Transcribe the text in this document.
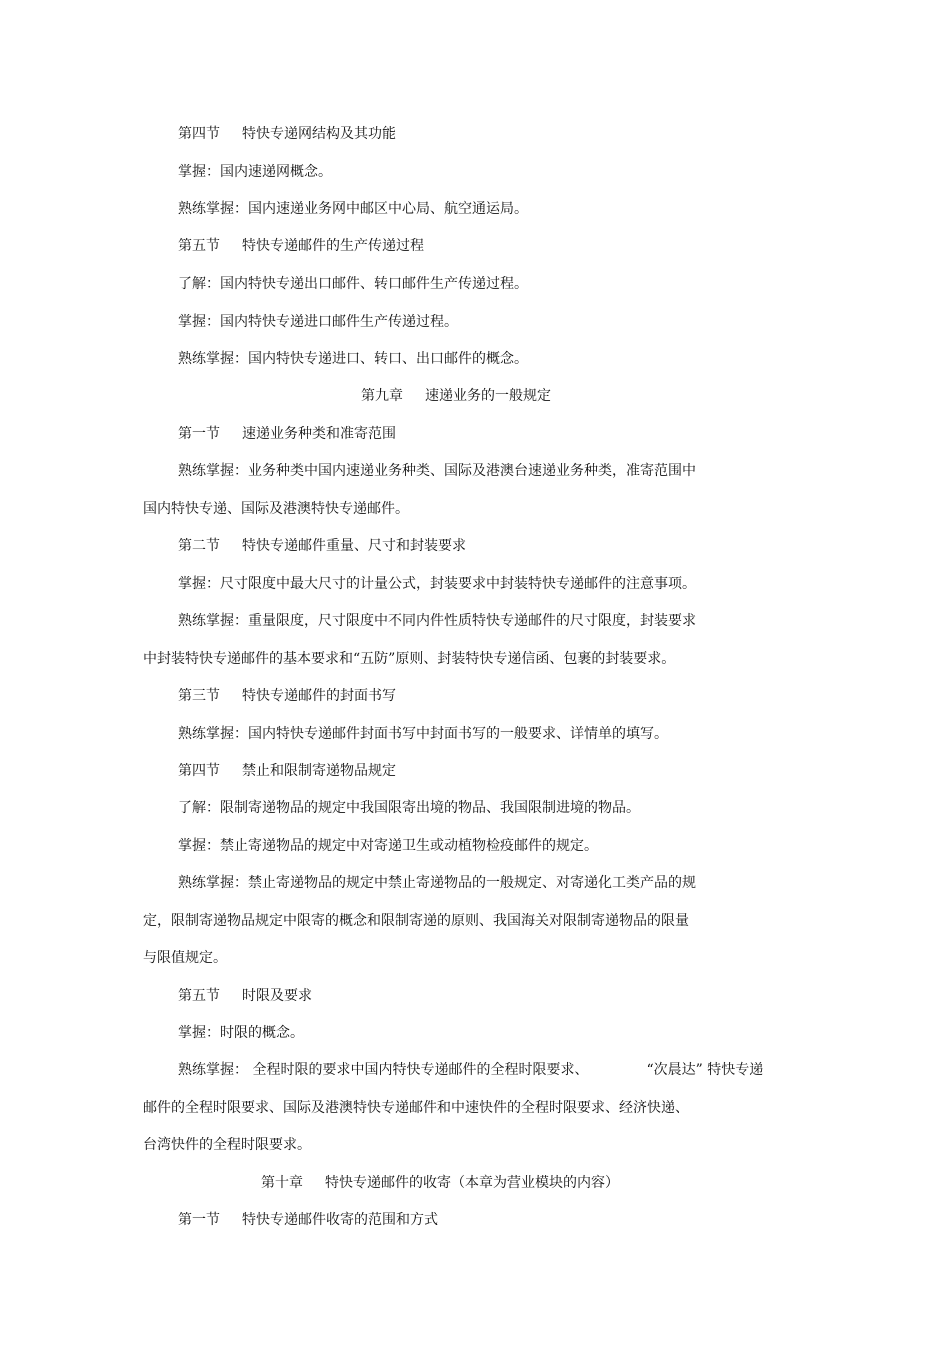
第四节 特快专递网结构及其功能
掌握：国内速递网概念。
熟练掌握：国内速递业务网中邮区中心局、航空通运局。
第五节 特快专递邮件的生产传递过程
了解：国内特快专递出口邮件、转口邮件生产传递过程。
掌握：国内特快专递进口邮件生产传递过程。
熟练掌握：国内特快专递进口、转口、出口邮件的概念。
第九章 速递业务的一般规定
第一节 速递业务种类和准寄范围
熟练掌握：业务种类中国内速递业务种类、国际及港澳台速递业务种类，准寄范围中
国内特快专递、国际及港澳特快专递邮件。
第二节 特快专递邮件重量、尺寸和封装要求
掌握：尺寸限度中最大尺寸的计量公式，封装要求中封装特快专递邮件的注意事项。
熟练掌握：重量限度，尺寸限度中不同内件性质特快专递邮件的尺寸限度，封装要求
中封装特快专递邮件的基本要求和“五防”原则、封装特快专递信函、包裹的封装要求。
第三节 特快专递邮件的封面书写
熟练掌握：国内特快专递邮件封面书写中封面书写的一般要求、详情单的填写。
第四节 禁止和限制寄递物品规定
了解：限制寄递物品的规定中我国限寄出境的物品、我国限制进境的物品。
掌握：禁止寄递物品的规定中对寄递卫生或动植物检疫邮件的规定。
熟练掌握：禁止寄递物品的规定中禁止寄递物品的一般规定、对寄递化工类产品的规
定，限制寄递物品规定中限寄的概念和限制寄递的原则、我国海关对限制寄递物品的限量
与限值规定。
第五节 时限及要求
掌握：时限的概念。
熟练掌握： 全程时限的要求中国内特快专递邮件的全程时限要求、	“次晨达” 特快专递
邮件的全程时限要求、国际及港澳特快专递邮件和中速快件的全程时限要求、经济快递、
台湾快件的全程时限要求。
第十章 特快专递邮件的收寄（本章为营业模块的内容）
第一节 特快专递邮件收寄的范围和方式
